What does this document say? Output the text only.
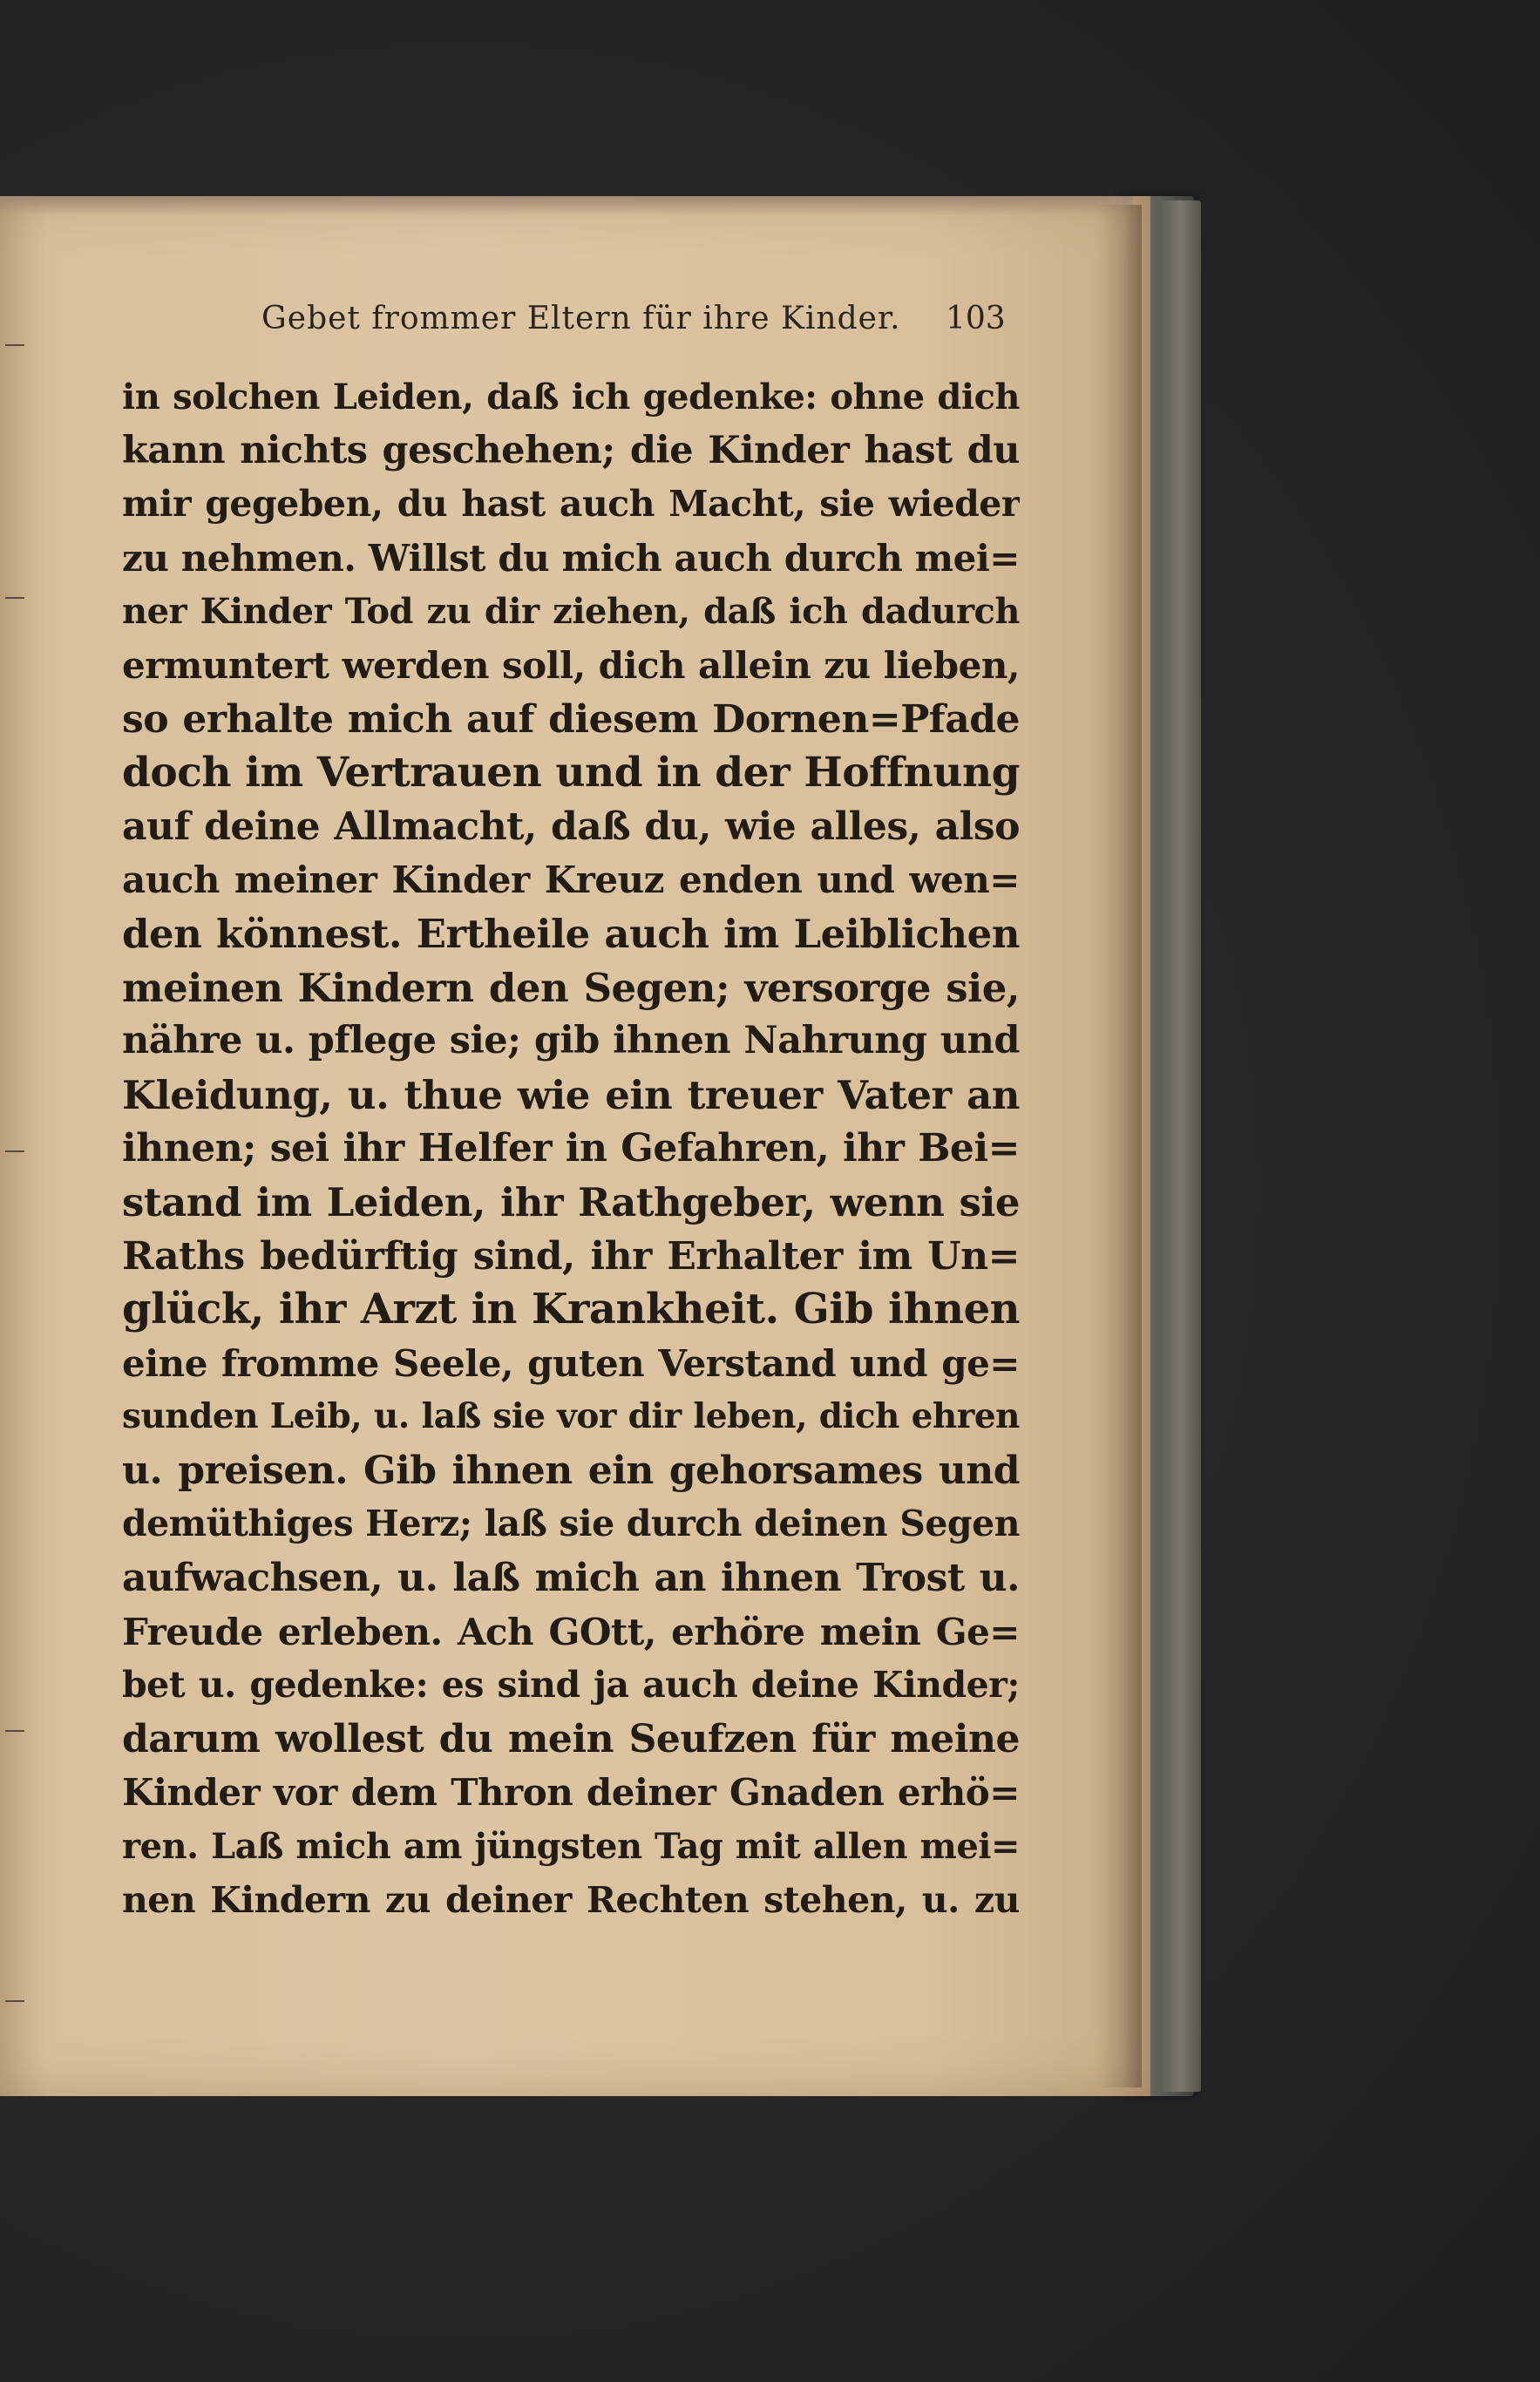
Gebet frommer Eltern für ihre Kinder. 103
in solchen Leiden, daß ich gedenke: ohne dich
kann nichts geschehen; die Kinder hast du
mir gegeben, du hast auch Macht, sie wieder
zu nehmen. Willst du mich auch durch mei=
ner Kinder Tod zu dir ziehen, daß ich dadurch
ermuntert werden soll, dich allein zu lieben,
so erhalte mich auf diesem Dornen=Pfade
doch im Vertrauen und in der Hoffnung
auf deine Allmacht, daß du, wie alles, also
auch meiner Kinder Kreuz enden und wen=
den könnest. Ertheile auch im Leiblichen
meinen Kindern den Segen; versorge sie,
nähre u. pflege sie; gib ihnen Nahrung und
Kleidung, u. thue wie ein treuer Vater an
ihnen; sei ihr Helfer in Gefahren, ihr Bei=
stand im Leiden, ihr Rathgeber, wenn sie
Raths bedürftig sind, ihr Erhalter im Un=
glück, ihr Arzt in Krankheit. Gib ihnen
eine fromme Seele, guten Verstand und ge=
sunden Leib, u. laß sie vor dir leben, dich ehren
u. preisen. Gib ihnen ein gehorsames und
demüthiges Herz; laß sie durch deinen Segen
aufwachsen, u. laß mich an ihnen Trost u.
Freude erleben. Ach GOtt, erhöre mein Ge=
bet u. gedenke: es sind ja auch deine Kinder;
darum wollest du mein Seufzen für meine
Kinder vor dem Thron deiner Gnaden erhö=
ren. Laß mich am jüngsten Tag mit allen mei=
nen Kindern zu deiner Rechten stehen, u. zu
